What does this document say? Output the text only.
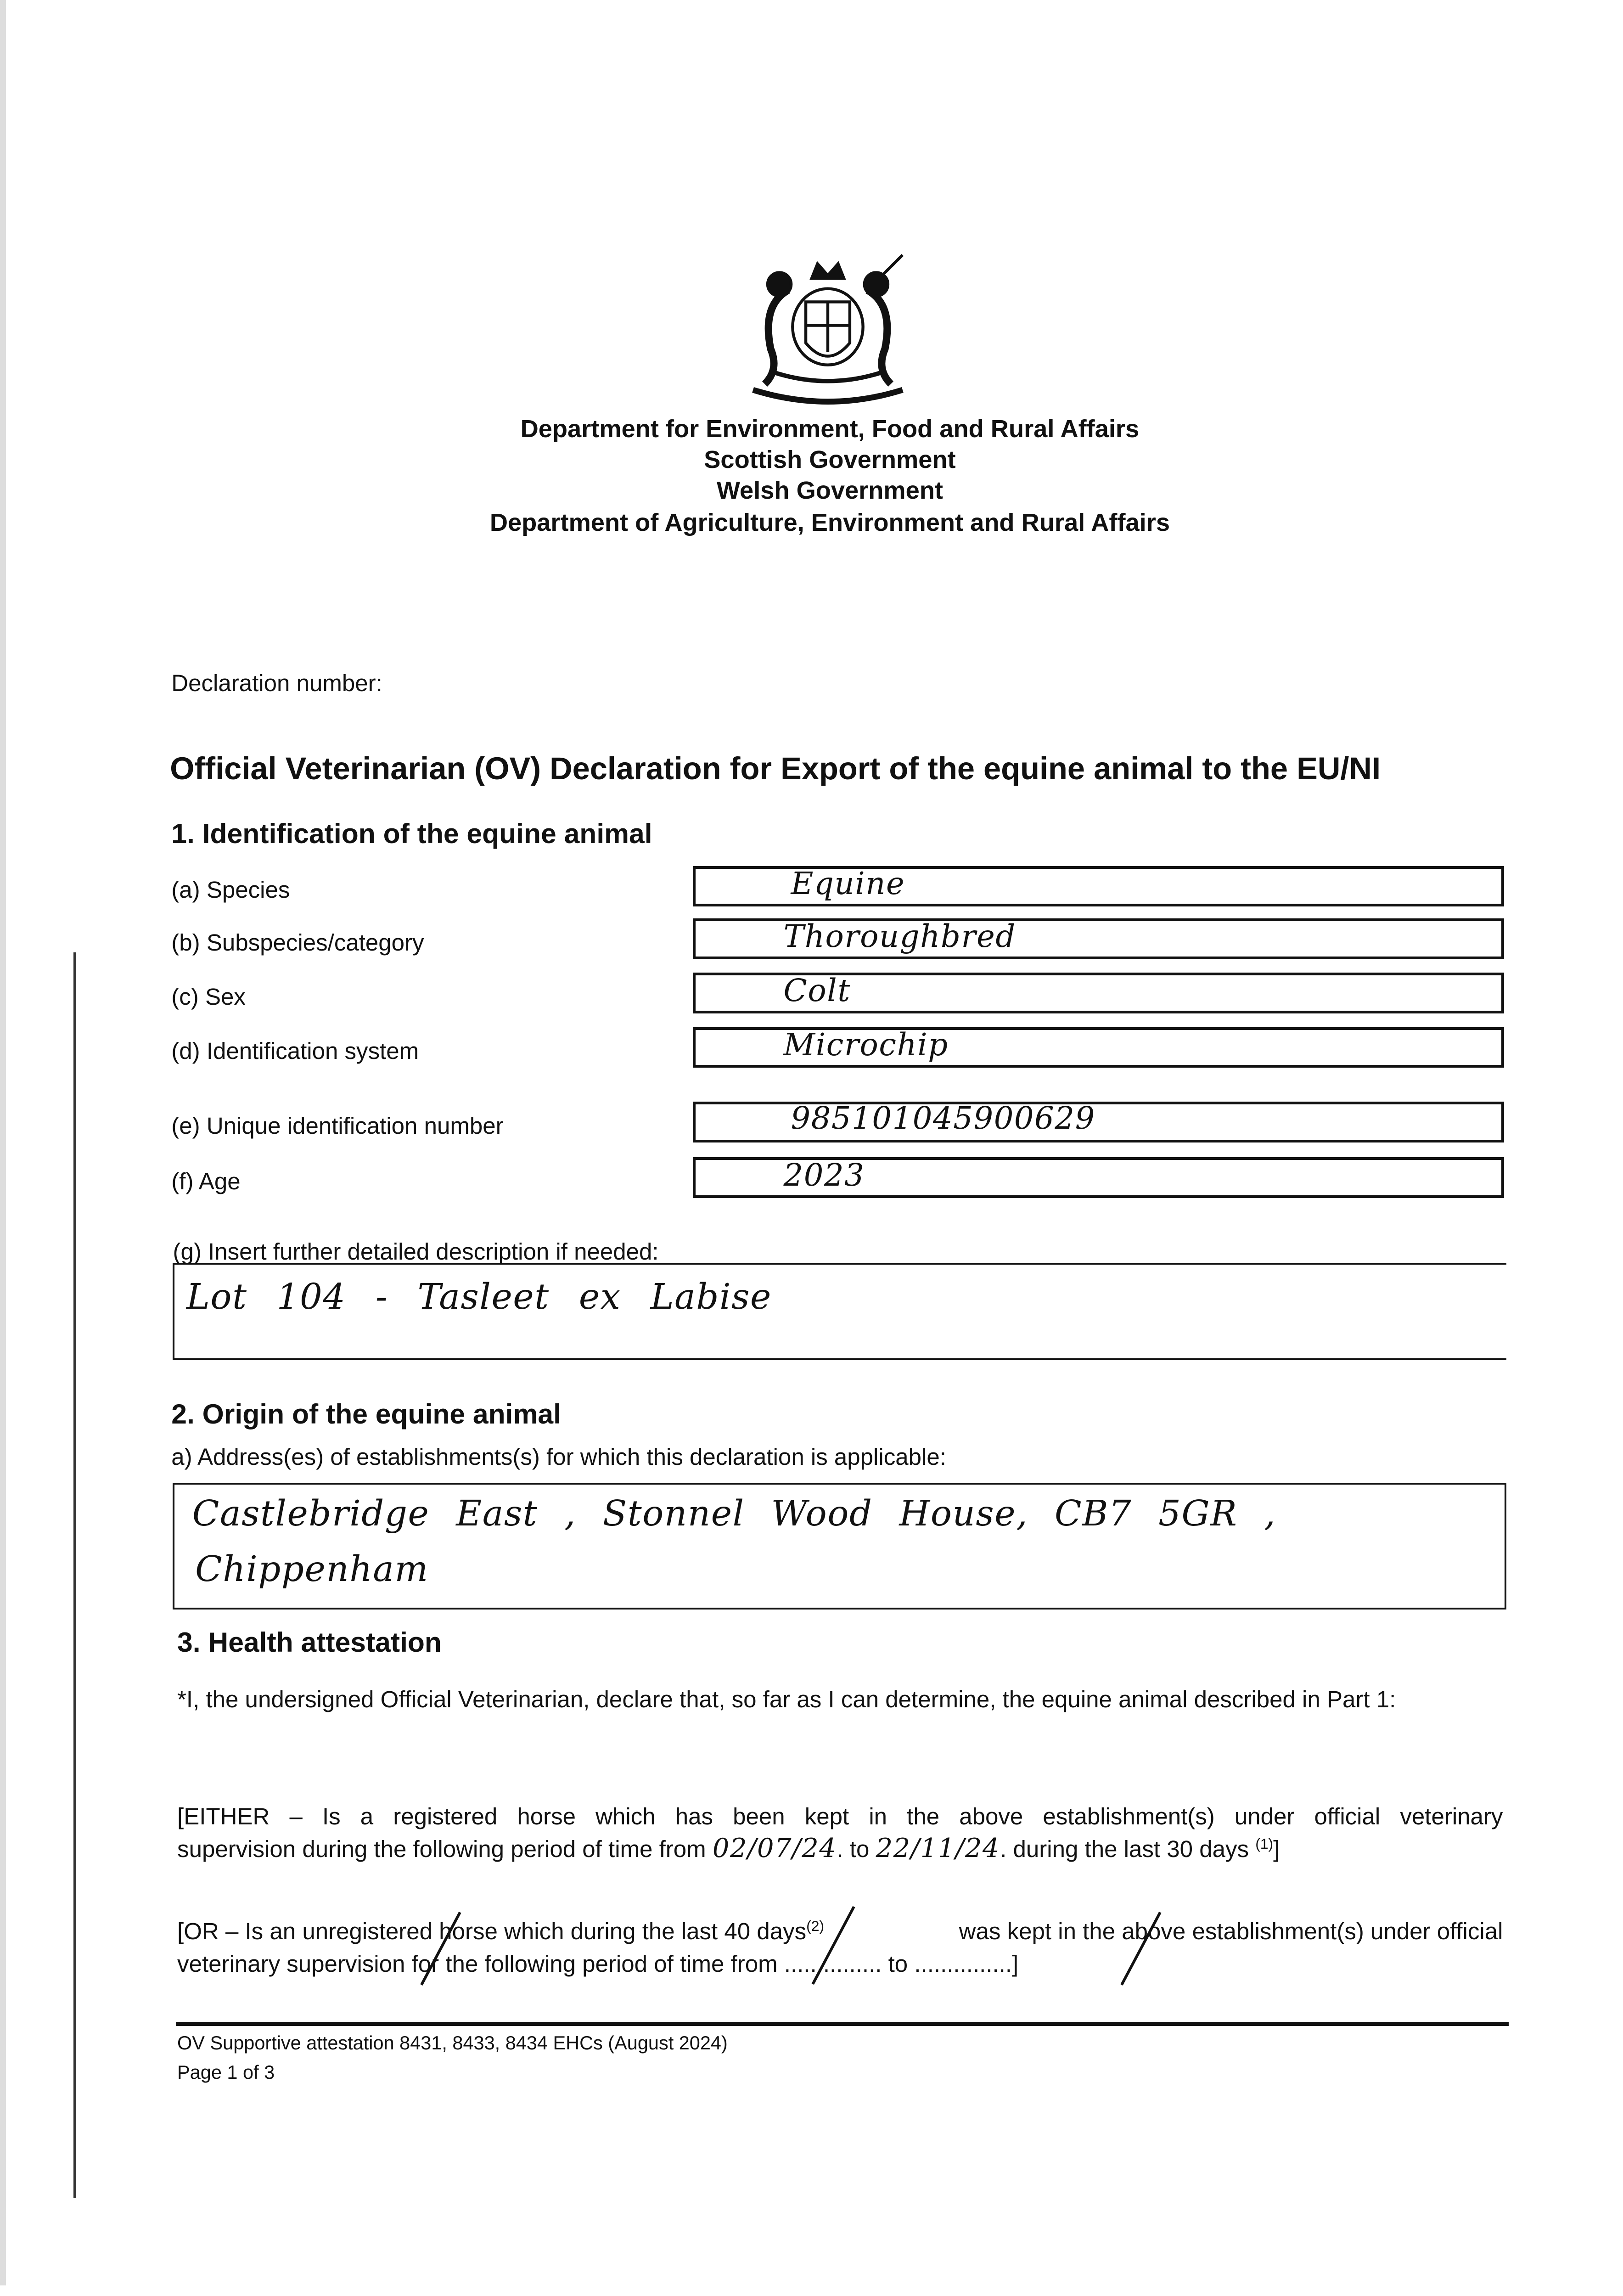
Department for Environment, Food and Rural Affairs
Scottish Government
Welsh Government
Department of Agriculture, Environment and Rural Affairs
Declaration number:
Official Veterinarian (OV) Declaration for Export of the equine animal to the EU/NI
1. Identification of the equine animal
(a) Species	Equine
(b) Subspecies/category	Thoroughbred
(c) Sex	Colt
(d) Identification system	Microchip
(e) Unique identification number	985101045900629
(f) Age	2023
(g) Insert further detailed description if needed:
Lot 104 - Tasleet ex Labise
2. Origin of the equine animal
a) Address(es) of establishments(s) for which this declaration is applicable:
Castlebridge East , Stonnel Wood House, CB7 5GR ,
Chippenham
3. Health attestation
*I, the undersigned Official Veterinarian, declare that, so far as I can determine, the equine animal described in Part 1:
[EITHER – Is a registered horse which has been kept in the above establishment(s) under official veterinary
supervision during the following period of time from 02/07/24. to 22/11/24. during the last 30 days $^{(1)}$]
[OR – Is an unregistered horse which during the last 40 days$^{(2)}$	was kept in the above establishment(s) under official
veterinary supervision for the following period of time from ............... to ...............]
OV Supportive attestation 8431, 8433, 8434 EHCs (August 2024)
Page 1 of 3
